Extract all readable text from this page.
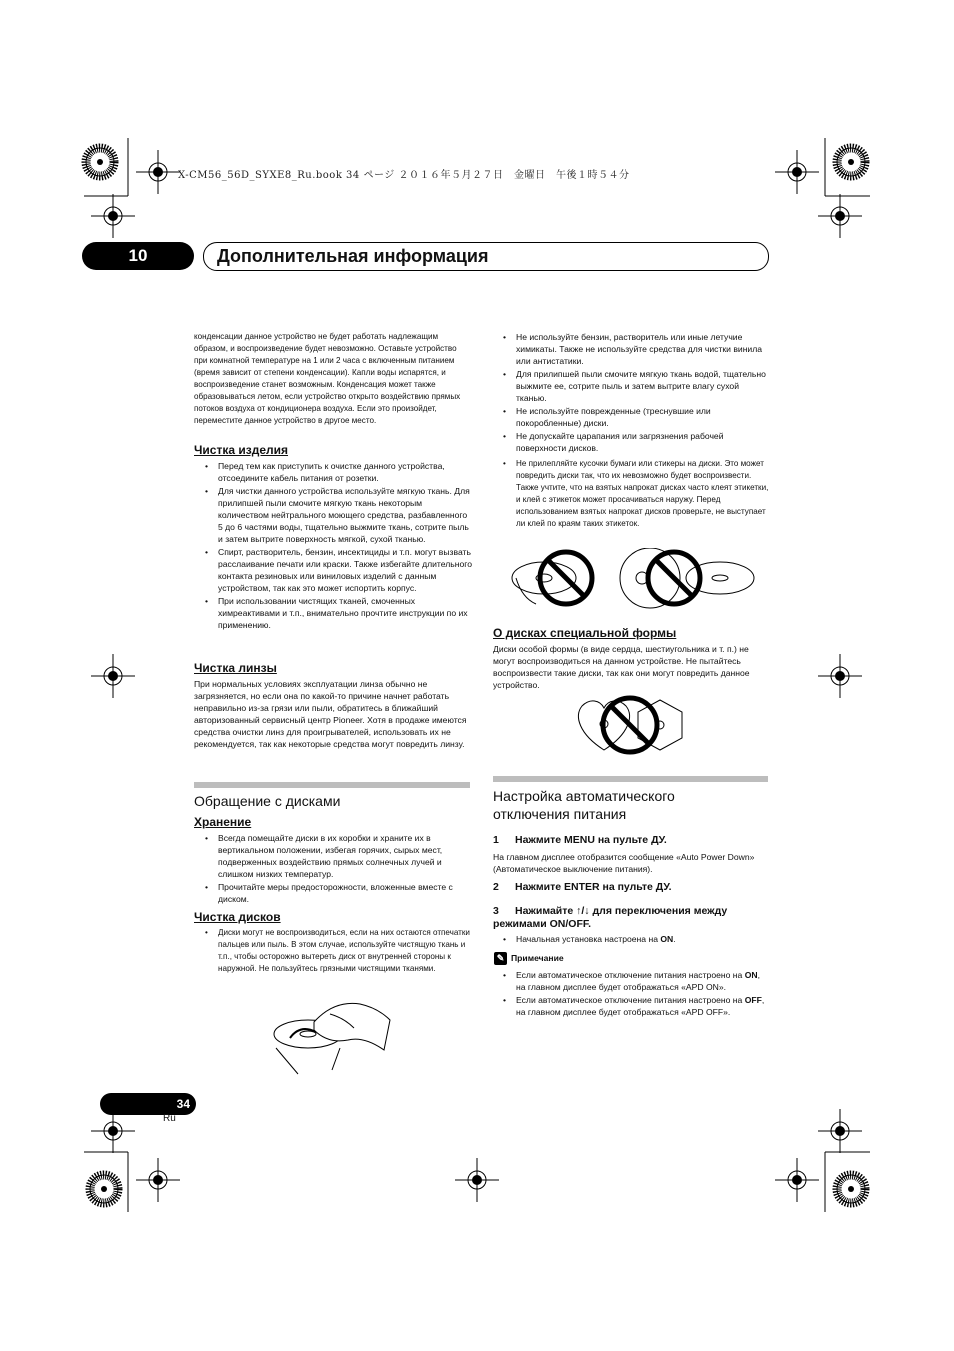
X-CM56_56D_SYXE8_Ru.book 34 ページ ２０１６年５月２７日　金曜日　午後１時５４分
10	Дополнительная информация
конденсации данное устройство не будет работать надлежащим образом, и воспроизведение будет невозможно. Оставьте устройство при комнатной температуре на 1 или 2 часа с включенным питанием (время зависит от степени конденсации). Капли воды испарятся, и воспроизведение станет возможным. Конденсация может также образовываться летом, если устройство открыто воздействию прямых потоков воздуха от кондиционера воздуха. Если это произойдет, переместите данное устройство в другое место.
Чистка изделия
• Перед тем как приступить к очистке данного устройства, отсоедините кабель питания от розетки.
• Для чистки данного устройства используйте мягкую ткань. Для прилипшей пыли смочите мягкую ткань некоторым количеством нейтрального моющего средства, разбавленного 5 до 6 частями воды, тщательно выжмите ткань, сотрите пыль и затем вытрите поверхность мягкой, сухой тканью.
• Спирт, растворитель, бензин, инсектициды и т.п. могут вызвать расслаивание печати или краски. Также избегайте длительного контакта резиновых или виниловых изделий с данным устройством, так как это может испортить корпус.
• При использовании чистящих тканей, смоченных химреактивами и т.п., внимательно прочтите инструкции по их применению.
Чистка линзы
При нормальных условиях эксплуатации линза обычно не загрязняется, но если она по какой-то причине начнет работать неправильно из-за грязи или пыли, обратитесь в ближайший авторизованный сервисный центр Pioneer. Хотя в продаже имеются средства очистки линз для проигрывателей, использовать их не рекомендуется, так как некоторые средства могут повредить линзу.
Обращение с дисками
Хранение
• Всегда помещайте диски в их коробки и храните их в вертикальном положении, избегая горячих, сырых мест, подверженных воздействию прямых солнечных лучей и слишком низких температур.
• Прочитайте меры предосторожности, вложенные вместе с диском.
Чистка дисков
• Диски могут не воспроизводиться, если на них остаются отпечатки пальцев или пыль. В этом случае, используйте чистящую ткань и т.п., чтобы осторожно вытереть диск от внутренней стороны к наружной. Не пользуйтесь грязными чистящими тканями.
• Не используйте бензин, растворитель или иные летучие химикаты. Также не используйте средства для чистки винила или антистатики.
• Для прилипшей пыли смочите мягкую ткань водой, тщательно выжмите ее, сотрите пыль и затем вытрите влагу сухой тканью.
• Не используйте поврежденные (треснувшие или покоробленные) диски.
• Не допускайте царапания или загрязнения рабочей поверхности дисков.
• Не прилепляйте кусочки бумаги или стикеры на диски. Это может повредить диски так, что их невозможно будет воспроизвести. Также учтите, что на взятых напрокат дисках часто клеят этикетки, и клей с этикеток может просачиваться наружу. Перед использованием взятых напрокат дисков проверьте, не выступает ли клей по краям таких этикеток.
О дисках специальной формы
Диски особой формы (в виде сердца, шестиугольника и т. п.) не могут воспроизводиться на данном устройстве. Не пытайтесь воспроизвести такие диски, так как они могут повредить данное устройство.
Настройка автоматического отключения питания
1 Нажмите MENU на пульте ДУ.
На главном дисплее отобразится сообщение «Auto Power Down» (Автоматическое выключение питания).
2 Нажмите ENTER на пульте ДУ.
3 Нажимайте ↑/↓ для переключения между режимами ON/OFF.
• Начальная установка настроена на ON.
✎ Примечание
• Если автоматическое отключение питания настроено на ON, на главном дисплее будет отображаться «APD ON».
• Если автоматическое отключение питания настроено на OFF, на главном дисплее будет отображаться «APD OFF».
34
Ru
